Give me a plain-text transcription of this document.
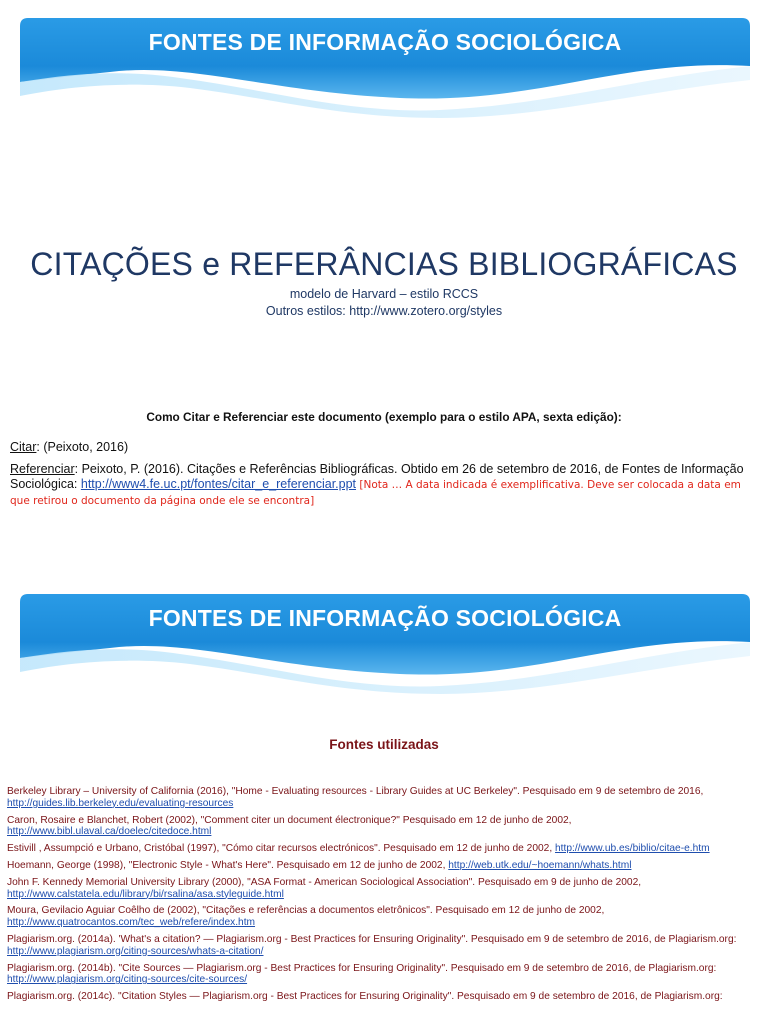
FONTES DE INFORMAÇÃO SOCIOLÓGICA
CITAÇÕES e REFERÂNCIAS BIBLIOGRÁFICAS
modelo de Harvard – estilo RCCS
Outros estilos: http://www.zotero.org/styles
Como Citar e Referenciar este documento (exemplo para o estilo APA, sexta edição):
Citar: (Peixoto, 2016)
Referenciar: Peixoto, P. (2016). Citações e Referências Bibliográficas. Obtido em 26 de setembro de 2016, de Fontes de Informação Sociológica: http://www4.fe.uc.pt/fontes/citar_e_referenciar.ppt [Nota … A data indicada é exemplificativa. Deve ser colocada a data em que retirou o documento da página onde ele se encontra]
FONTES DE INFORMAÇÃO SOCIOLÓGICA
Fontes utilizadas
Berkeley Library – University of California (2016), "Home - Evaluating resources - Library Guides at UC Berkeley". Pesquisado em 9 de setembro de 2016, http://guides.lib.berkeley.edu/evaluating-resources
Caron, Rosaire e Blanchet, Robert (2002), "Comment citer un document électronique?" Pesquisado em 12 de junho de 2002, http://www.bibl.ulaval.ca/doelec/citedoce.html
Estivill , Assumpció e Urbano, Cristóbal (1997), "Cómo citar recursos electrónicos". Pesquisado em 12 de junho de 2002, http://www.ub.es/biblio/citae-e.htm
Hoemann, George (1998), "Electronic Style - What's Here". Pesquisado em 12 de junho de 2002, http://web.utk.edu/~hoemann/whats.html
John F. Kennedy Memorial University Library (2000), "ASA Format - American Sociological Association". Pesquisado em 9 de junho de 2002, http://www.calstatela.edu/library/bi/rsalina/asa.styleguide.html
Moura, Gevilacio Aguiar Coêlho de (2002), "Citações e referências a documentos eletrônicos". Pesquisado em 12 de junho de 2002, http://www.quatrocantos.com/tec_web/refere/index.htm
Plagiarism.org. (2014a). 'What's a citation? — Plagiarism.org - Best Practices for Ensuring Originality". Pesquisado em 9 de setembro de 2016, de Plagiarism.org: http://www.plagiarism.org/citing-sources/whats-a-citation/
Plagiarism.org. (2014b). "Cite Sources — Plagiarism.org - Best Practices for Ensuring Originality". Pesquisado em 9 de setembro de 2016, de Plagiarism.org: http://www.plagiarism.org/citing-sources/cite-sources/
Plagiarism.org. (2014c). "Citation Styles — Plagiarism.org - Best Practices for Ensuring Originality". Pesquisado em 9 de setembro de 2016, de Plagiarism.org:
